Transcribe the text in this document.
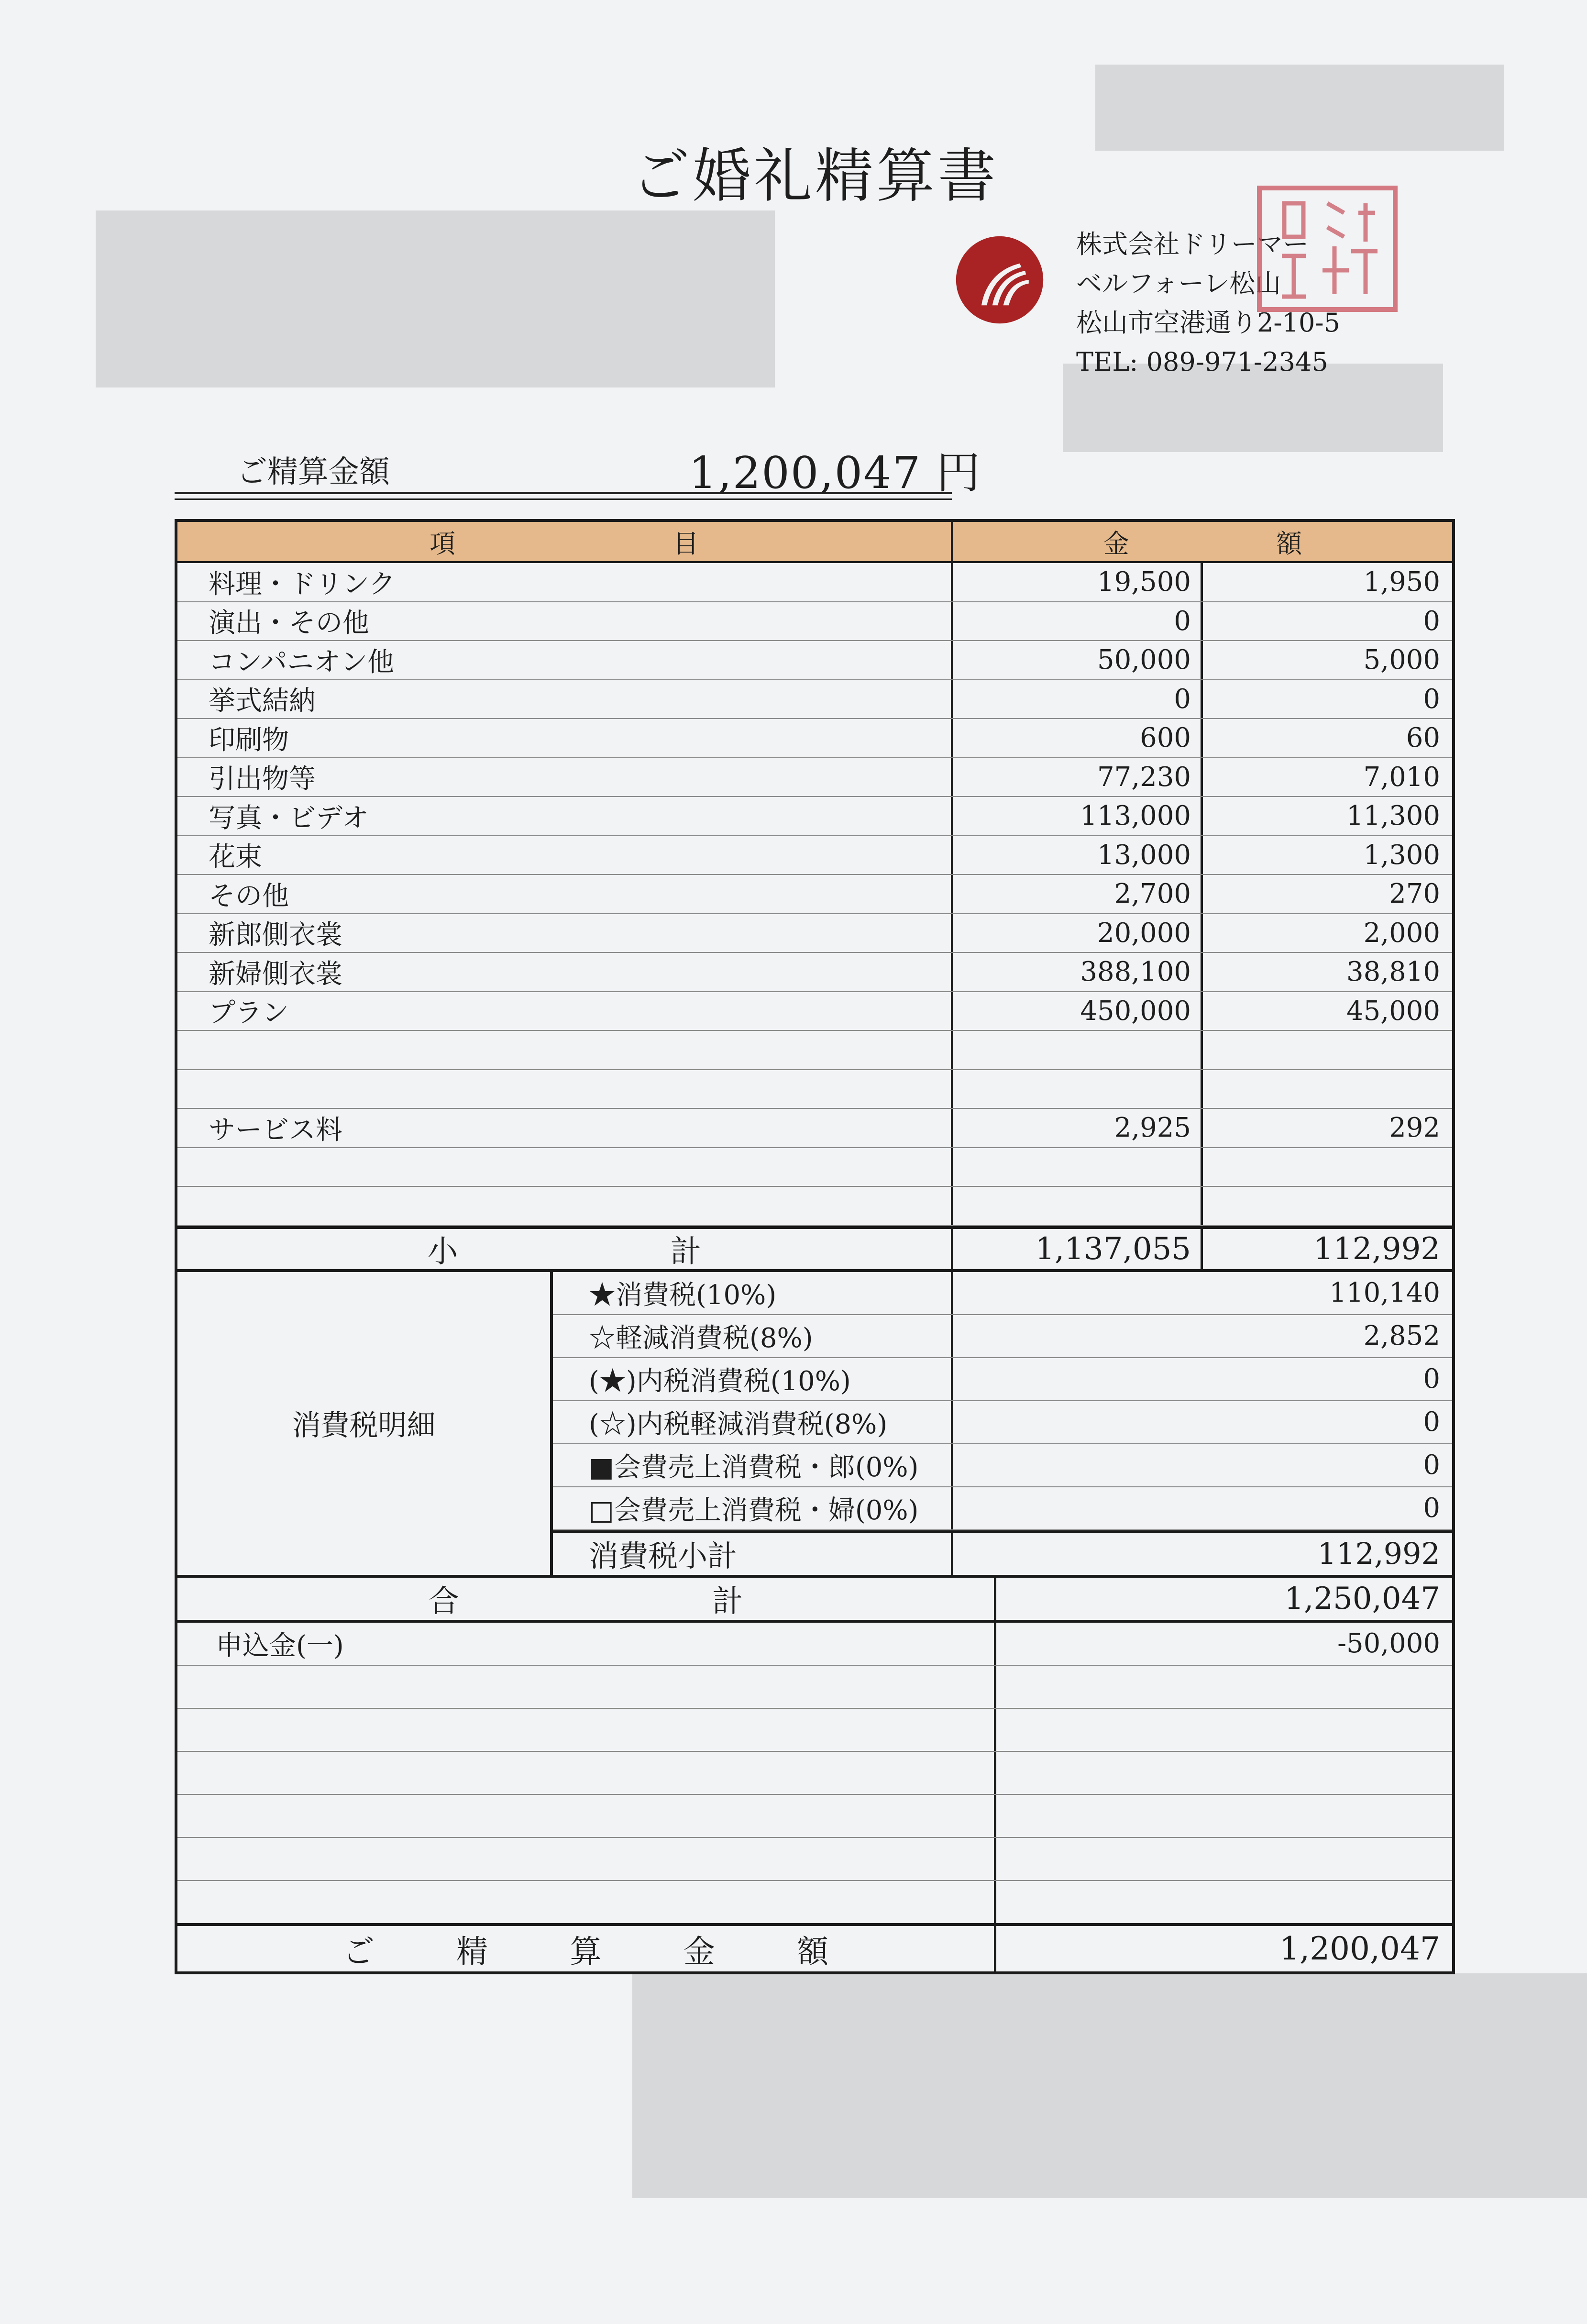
ご婚礼精算書
株式会社ドリーマー
ベルフォーレ松山
松山市空港通り2-10-5
TEL: 089-971-2345
ご精算金額	1,200,047 円
項	目	金	額
料理・ドリンク	19,500	1,950
演出・その他	0	0
コンパニオン他	50,000	5,000
挙式結納	0	0
印刷物	600	60
引出物等	77,230	7,010
写真・ビデオ	113,000	11,300
花束	13,000	1,300
その他	2,700	270
新郎側衣裳	20,000	2,000
新婦側衣裳	388,100	38,810
プラン	450,000	45,000
サービス料	2,925	292
小	計	1,137,055	112,992
消費税明細
★消費税(10%)	110,140
☆軽減消費税(8%)	2,852
(★)内税消費税(10%)	0
(☆)内税軽減消費税(8%)	0
■会費売上消費税・郎(0%)	0
□会費売上消費税・婦(0%)	0
消費税小計	112,992
合	計	1,250,047
申込金(一)	-50,000
ご	精	算	金	額	1,200,047
